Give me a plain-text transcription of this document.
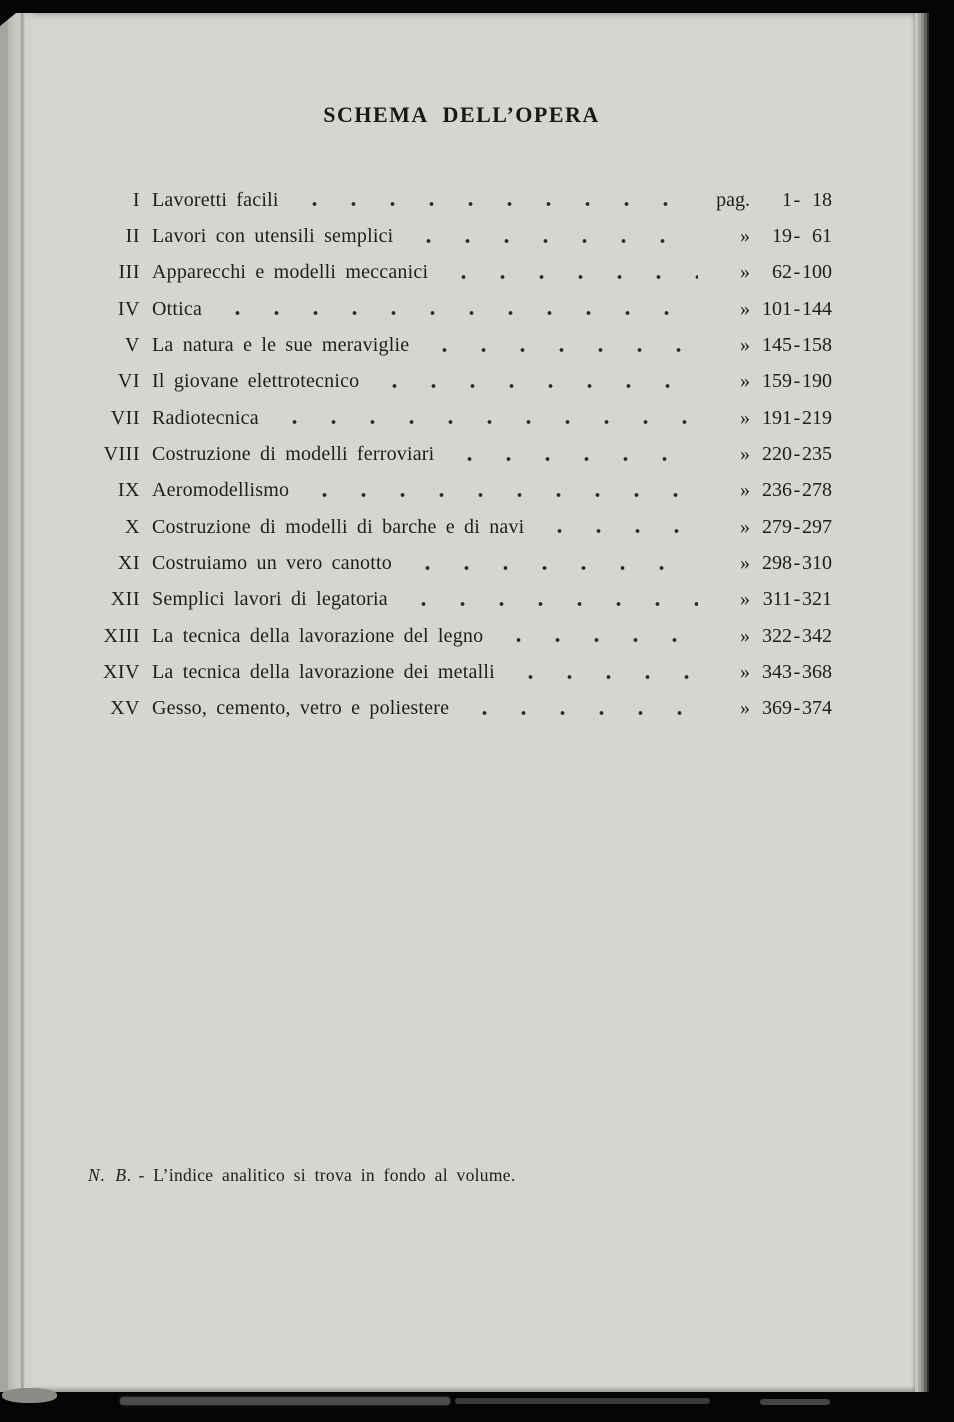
SCHEMA DELL’OPERA
I Lavoretti facili	pag.	1 - 18
II Lavori con utensili semplici	»	19 - 61
III Apparecchi e modelli meccanici	»	62 - 100
IV Ottica	» 101 - 144
V La natura e le sue meraviglie	» 145 - 158
VI Il giovane elettrotecnico	» 159 - 190
VII Radiotecnica	» 191 - 219
VIII Costruzione di modelli ferroviari	» 220 - 235
IX Aeromodellismo	» 236 - 278
X Costruzione di modelli di barche e di navi	» 279 - 297
XI Costruiamo un vero canotto	» 298 - 310
XII Semplici lavori di legatoria	» 311 - 321
XIII La tecnica della lavorazione del legno	» 322 - 342
XIV La tecnica della lavorazione dei metalli	» 343 - 368
XV Gesso, cemento, vetro e poliestere	» 369 - 374
N. B. - L’indice analitico si trova in fondo al volume.
